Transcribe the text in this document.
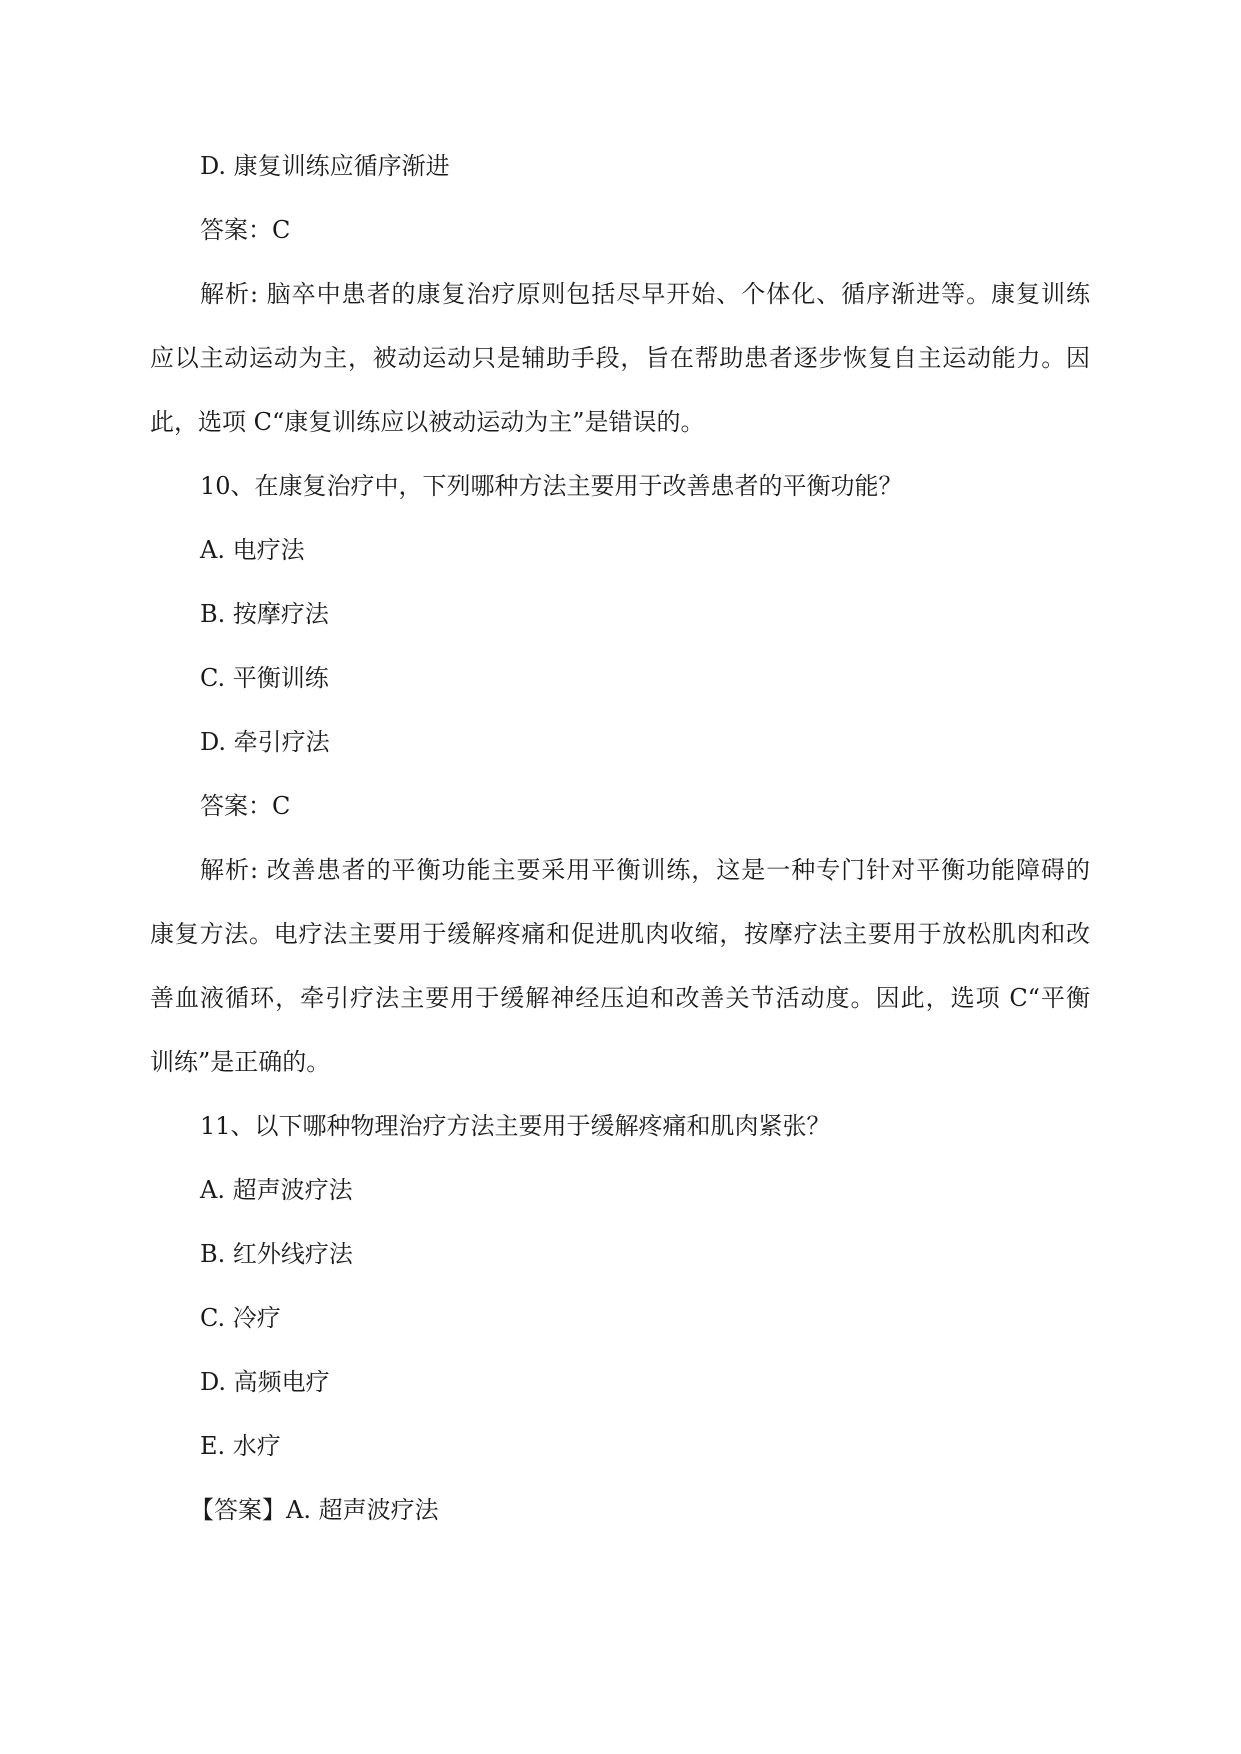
D. 康复训练应循序渐进
答案：C
解析: 脑卒中患者的康复治疗原则包括尽早开始、个体化、循序渐进等。康复训练
应以主动运动为主，被动运动只是辅助手段，旨在帮助患者逐步恢复自主运动能力。因
此，选项 C“康复训练应以被动运动为主”是错误的。
10、在康复治疗中，下列哪种方法主要用于改善患者的平衡功能？
A. 电疗法
B. 按摩疗法
C. 平衡训练
D. 牵引疗法
答案：C
解析: 改善患者的平衡功能主要采用平衡训练，这是一种专门针对平衡功能障碍的
康复方法。电疗法主要用于缓解疼痛和促进肌肉收缩，按摩疗法主要用于放松肌肉和改
善血液循环，牵引疗法主要用于缓解神经压迫和改善关节活动度。因此，选项 C“平衡
训练”是正确的。
11、以下哪种物理治疗方法主要用于缓解疼痛和肌肉紧张？
A. 超声波疗法
B. 红外线疗法
C. 冷疗
D. 高频电疗
E. 水疗
【答案】A. 超声波疗法
